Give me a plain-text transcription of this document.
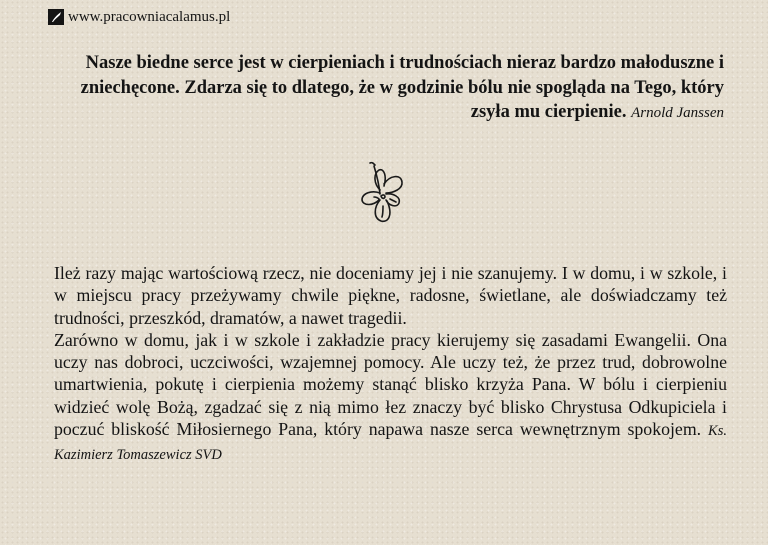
www.pracowniacalamus.pl
Nasze biedne serce jest w cierpieniach i trudnościach nieraz bardzo małoduszne i zniechęcone. Zdarza się to dlatego, że w godzinie bólu nie spogląda na Tego, który zsyła mu cierpienie. Arnold Janssen

Ileż razy mając wartościową rzecz, nie doceniamy jej i nie szanujemy. I w domu, i w szkole, i w miejscu pracy przeżywamy chwile piękne, radosne, świetlane, ale doświadczamy też trudności, przeszkód, dramatów, a nawet tragedii.

Zarówno w domu, jak i w szkole i zakładzie pracy kierujemy się zasadami Ewangelii. Ona uczy nas dobroci, uczciwości, wzajemnej pomocy. Ale uczy też, że przez trud, dobrowolne umartwienia, pokutę i cierpienia możemy stanąć blisko krzyża Pana. W bólu i cierpieniu widzieć wolę Bożą, zgadzać się z nią mimo łez znaczy być blisko Chrystusa Odkupiciela i poczuć bliskość Miłosiernego Pana, który napawa nasze serca wewnętrznym spokojem. Ks. Kazimierz Tomaszewicz SVD
